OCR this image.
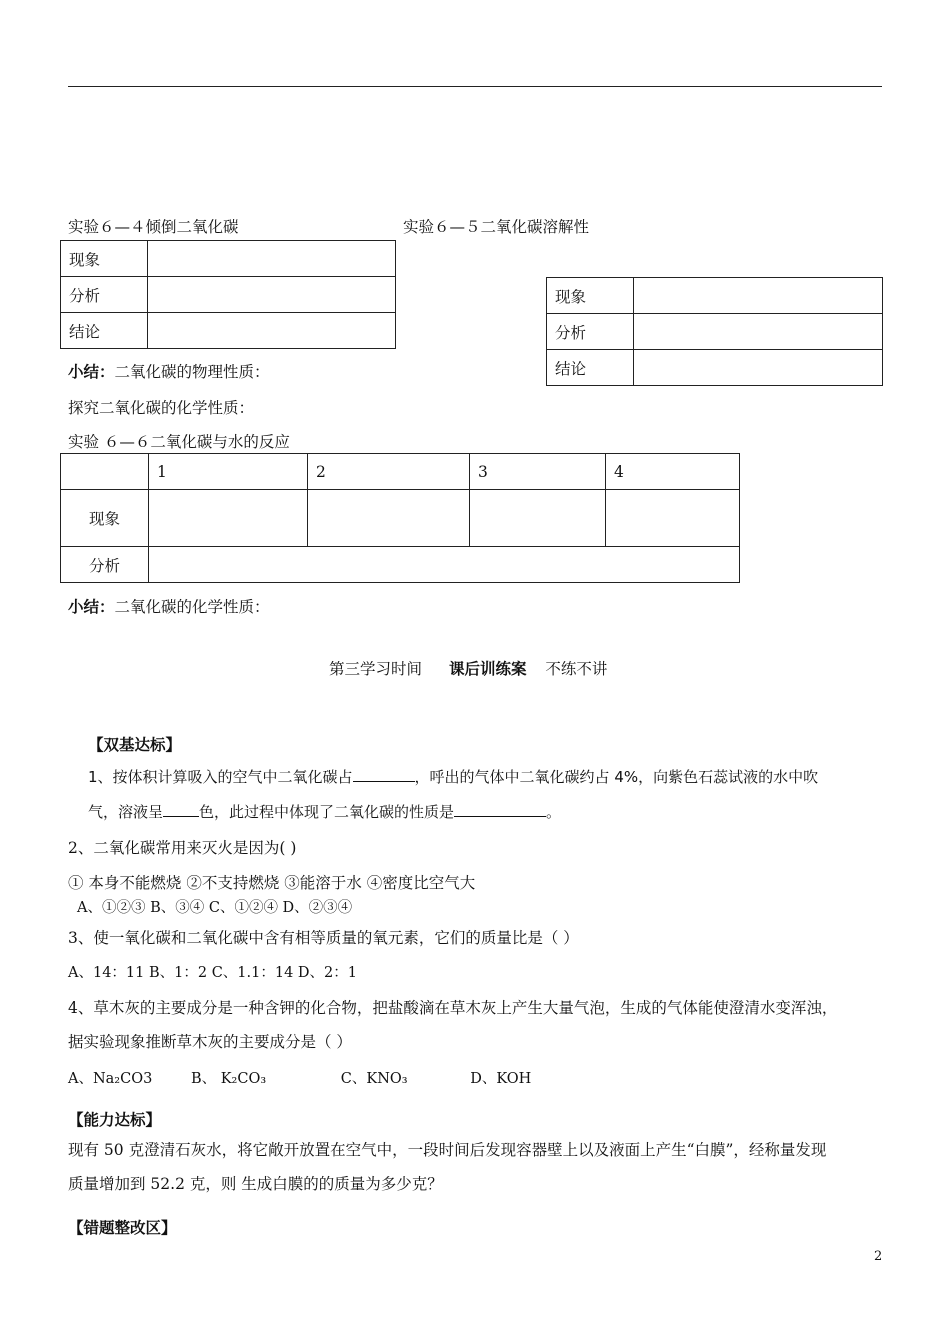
实验６—４倾倒二氧化碳
现象	
分析	
结论	
实验６—５二氧化碳溶解性
现象	
分析	
结论	
小结：二氧化碳的物理性质：
探究二氧化碳的化学性质：
实验 ６—６二氧化碳与水的反应
	1	2	3	4
现象				
分析				
小结：二氧化碳的化学性质：
第三学习时间 课后训练案 不练不讲
【双基达标】
1、按体积计算吸入的空气中二氧化碳占	，呼出的气体中二氧化碳约占 4%，向紫色石蕊试液的水中吹
气，溶液呈 色，此过程中体现了二氧化碳的性质是	。
2、二氧化碳常用来灭火是因为( )
① 本身不能燃烧 ②不支持燃烧 ③能溶于水 ④密度比空气大
A、①②③ B、③④ C、①②④ D、②③④
3、使一氧化碳和二氧化碳中含有相等质量的氧元素，它们的质量比是（ ）
A、14：11 B、1：2 C、1.1：14 D、2：1
4、草木灰的主要成分是一种含钾的化合物，把盐酸滴在草木灰上产生大量气泡，生成的气体能使澄清水变浑浊，
据实验现象推断草木灰的主要成分是（ ）
A、Na₂CO3	B、 K₂CO₃	C、KNO₃	D、KOH
【能力达标】
现有 50 克澄清石灰水，将它敞开放置在空气中，一段时间后发现容器壁上以及液面上产生“白膜”，经称量发现
质量增加到 52.2 克，则 生成白膜的的质量为多少克？
【错题整改区】
2
